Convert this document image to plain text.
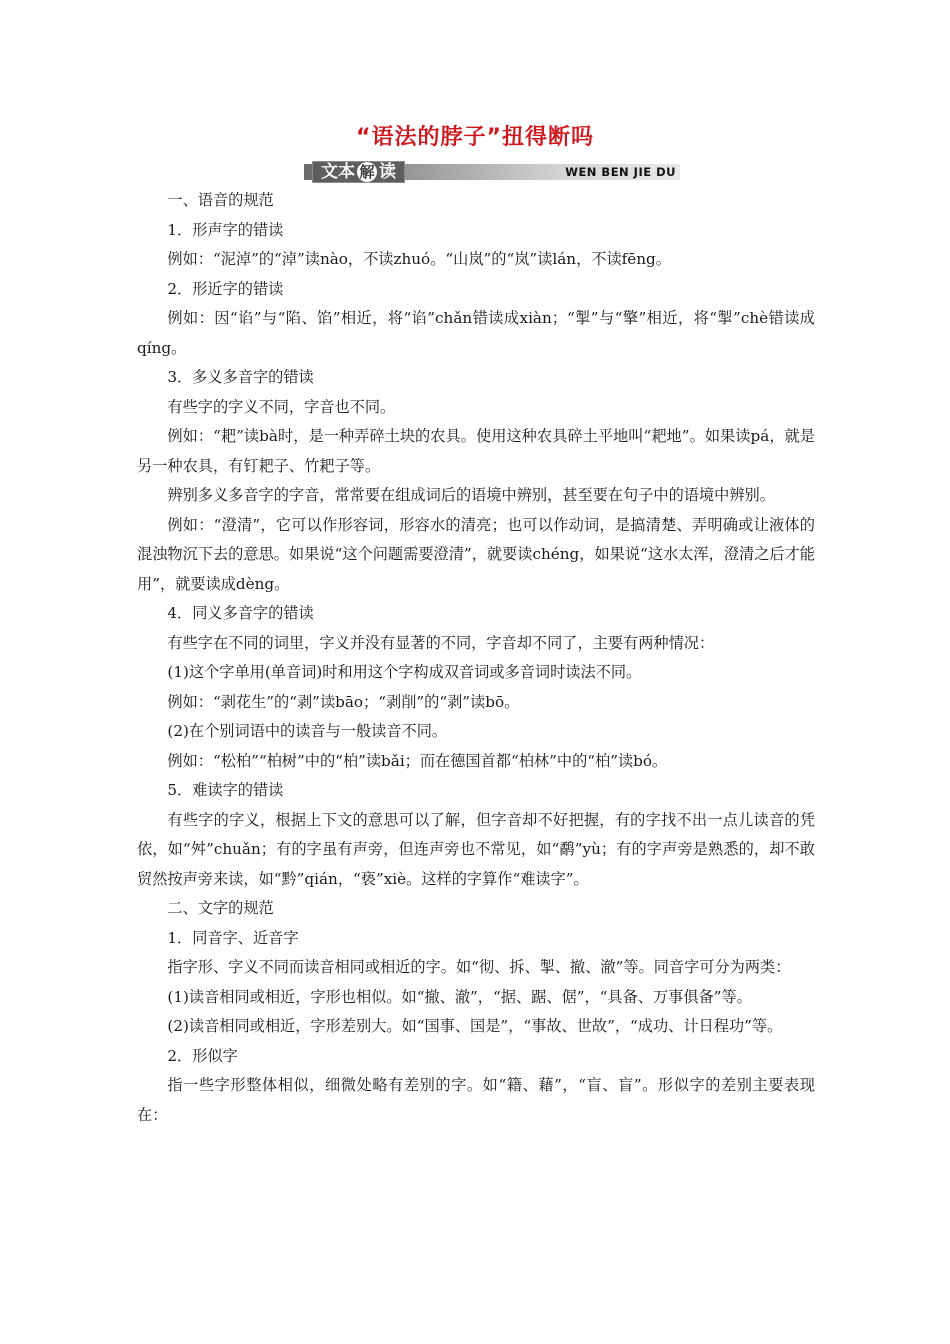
“语法的脖子”扭得断吗
文本 解 读	WEN BEN JIE DU

一、语音的规范

1．形声字的错读

例如：“泥淖”的“淖”读nào，不读zhuó。“山岚”的“岚”读lán，不读fēng。

2．形近字的错读

例如：因“谄”与“陷、馅”相近，将“谄”chǎn错读成xiàn；“掣”与“擎”相近，将“掣”chè错读成qíng。

3．多义多音字的错读

有些字的字义不同，字音也不同。

例如：“耙”读bà时，是一种弄碎土块的农具。使用这种农具碎土平地叫“耙地”。如果读pá，就是另一种农具，有钉耙子、竹耙子等。

辨别多义多音字的字音，常常要在组成词后的语境中辨别，甚至要在句子中的语境中辨别。

例如：“澄清”，它可以作形容词，形容水的清亮；也可以作动词，是搞清楚、弄明确或让液体的混浊物沉下去的意思。如果说“这个问题需要澄清”，就要读chéng，如果说“这水太浑，澄清之后才能用”，就要读成dèng。

4．同义多音字的错读

有些字在不同的词里，字义并没有显著的不同，字音却不同了，主要有两种情况：

(1)这个字单用(单音词)时和用这个字构成双音词或多音词时读法不同。

例如：“剥花生”的“剥”读bāo；“剥削”的“剥”读bō。

(2)在个别词语中的读音与一般读音不同。

例如：“松柏”“柏树”中的“柏”读bǎi；而在德国首都“柏林”中的“柏”读bó。

5．难读字的错读

有些字的字义，根据上下文的意思可以了解，但字音却不好把握，有的字找不出一点儿读音的凭依，如“舛”chuǎn；有的字虽有声旁，但连声旁也不常见，如“鹬”yù；有的字声旁是熟悉的，却不敢贸然按声旁来读，如“黔”qián，“亵”xiè。这样的字算作“难读字”。

二、文字的规范

1．同音字、近音字

指字形、字义不同而读音相同或相近的字。如“彻、拆、掣、撤、澈”等。同音字可分为两类：

(1)读音相同或相近，字形也相似。如“撤、澈”，“据、踞、倨”，“具备、万事俱备”等。

(2)读音相同或相近，字形差别大。如“国事、国是”，“事故、世故”，“成功、计日程功”等。

2．形似字

指一些字形整体相似，细微处略有差别的字。如“籍、藉”，“盲、盲”。形似字的差别主要表现在：
